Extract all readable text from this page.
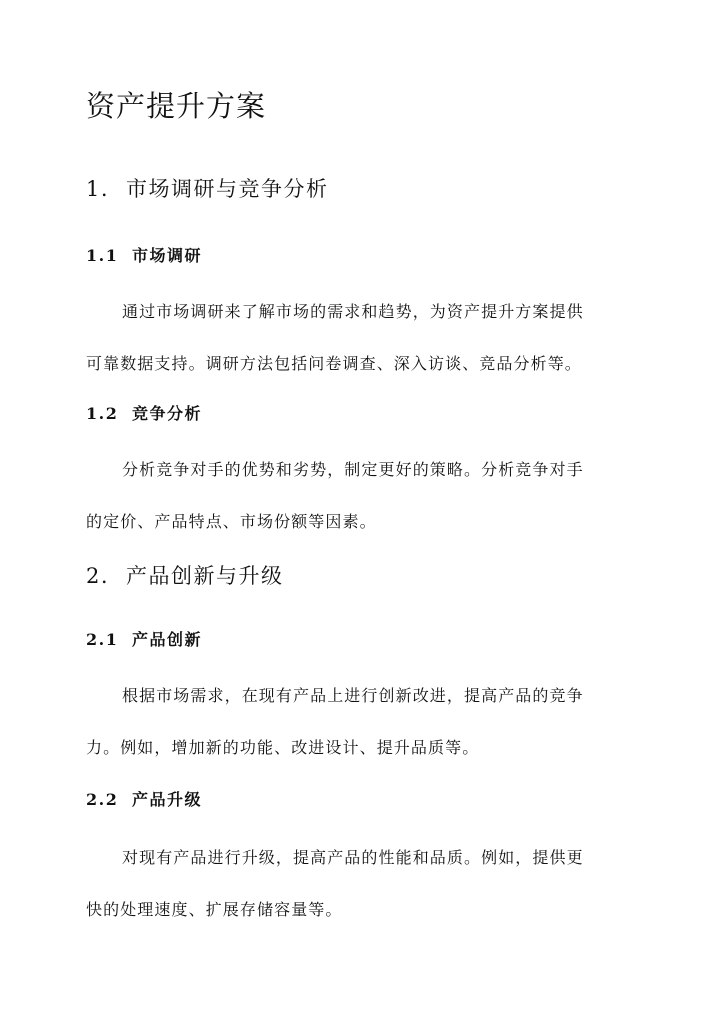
资产提升方案
1. 市场调研与竞争分析
1.1 市场调研
通过市场调研来了解市场的需求和趋势，为资产提升方案提供
可靠数据支持。调研方法包括问卷调查、深入访谈、竞品分析等。
1.2 竞争分析
分析竞争对手的优势和劣势，制定更好的策略。分析竞争对手
的定价、产品特点、市场份额等因素。
2. 产品创新与升级
2.1 产品创新
根据市场需求，在现有产品上进行创新改进，提高产品的竞争
力。例如，增加新的功能、改进设计、提升品质等。
2.2 产品升级
对现有产品进行升级，提高产品的性能和品质。例如，提供更
快的处理速度、扩展存储容量等。
